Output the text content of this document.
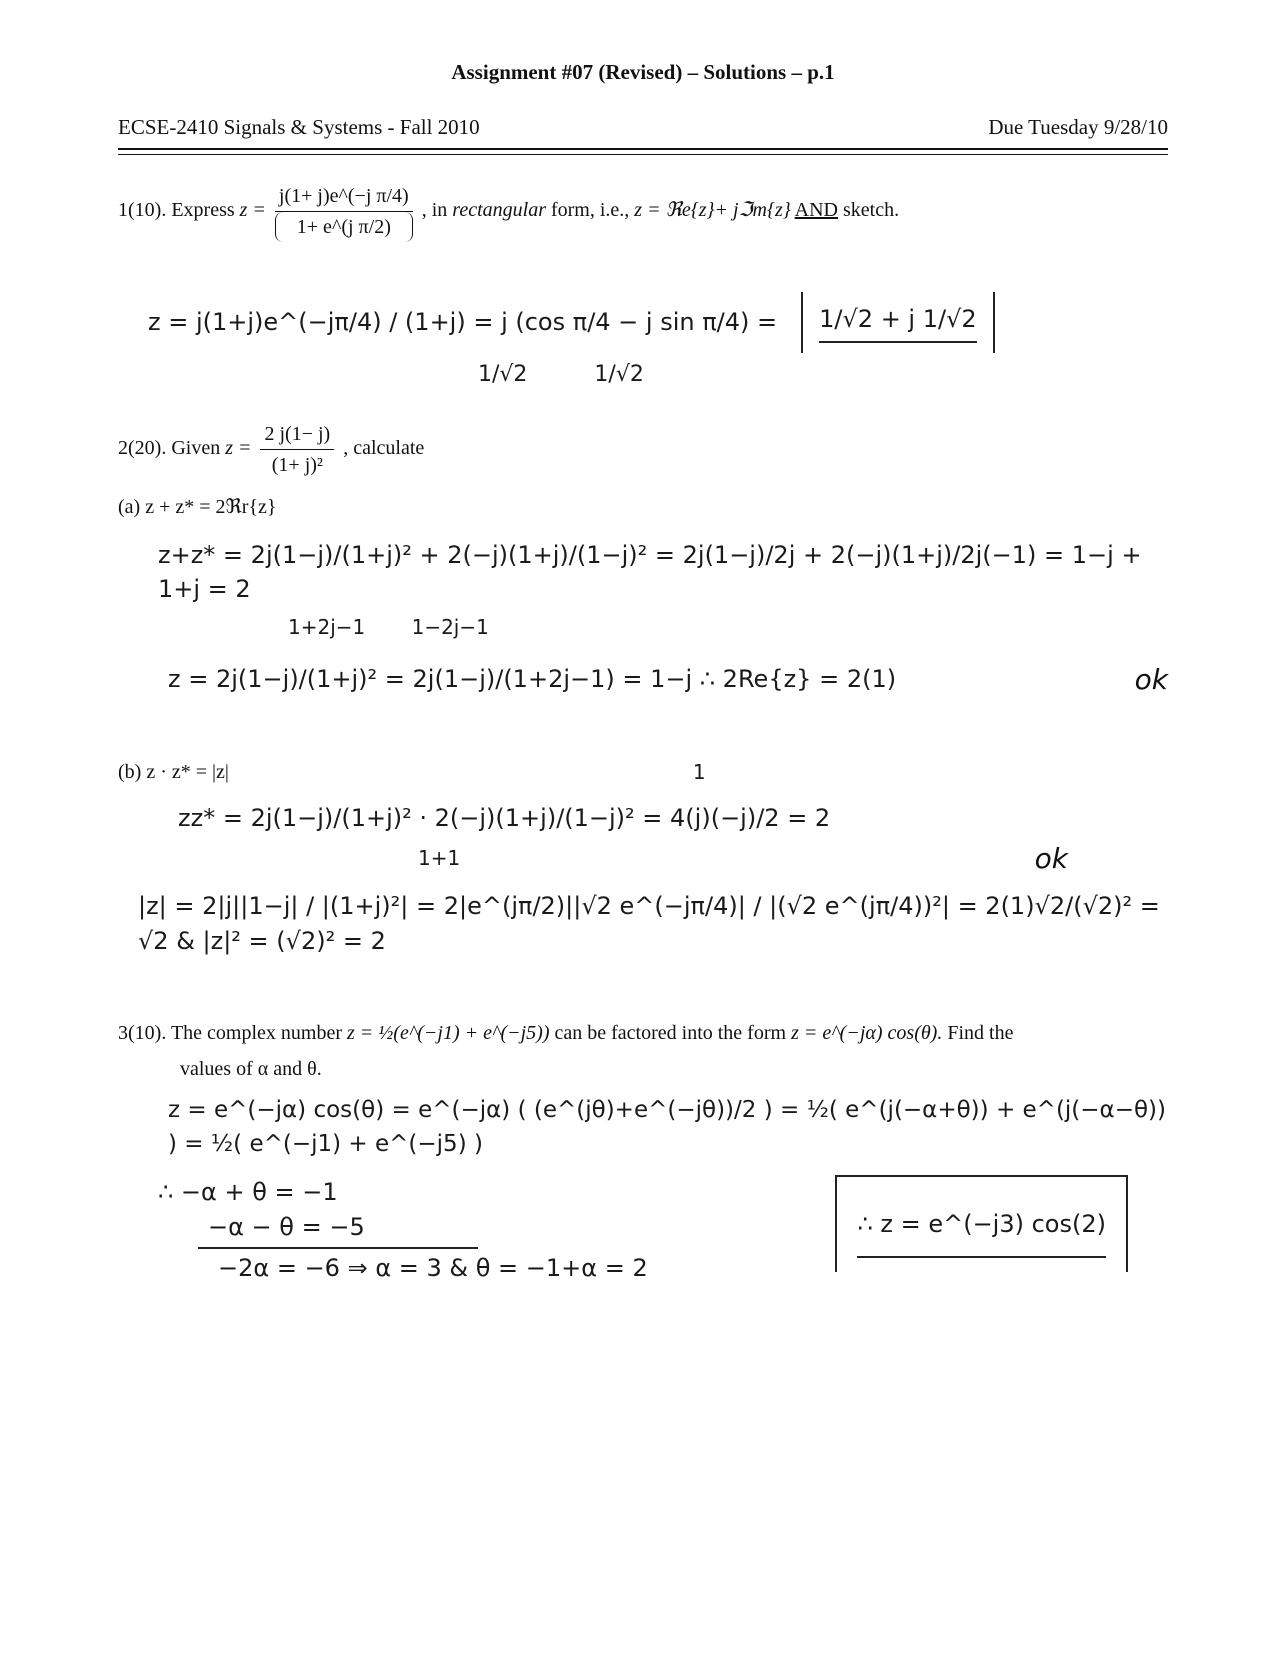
Assignment #07 (Revised) – Solutions – p.1
ECSE-2410 Signals & Systems - Fall 2010	Due Tuesday 9/28/10
1(10). Express $z = \frac{\text{j(1+ j)e\textasciicircum{}(−j π/4)}}{\text{1+ e\textasciicircum{}(j π/2)}}$ , in rectangular form, i.e., z = ℜe{z}+ jℑm{z} AND sketch.
z = j(1+j)e^(−jπ/4) / (1+j) = j (cos π/4 − j sin π/4) = 1/√2 + j 1/√2
1/√2 1/√2
2(20). Given $z = \frac{2 j(1- j)}{\text{(1+ j)²}}$ , calculate
(a) z + z* = 2ℜr{z}
z+z* = 2j(1−j)/(1+j)² + 2(−j)(1+j)/(1−j)² = 2j(1−j)/2j + 2(−j)(1+j)/2j(−1) = 1−j + 1+j = 2
1+2j−1 1−2j−1
z = 2j(1−j)/(1+j)² = 2j(1−j)/(1+2j−1) = 1−j ∴ 2Re{z} = 2(1)	ok
(b) z · z* = |z|	1
zz* = 2j(1−j)/(1+j)² · 2(−j)(1+j)/(1−j)² = 4(j)(−j)/2 = 2
1+1	ok
|z| = 2|j||1−j| / |(1+j)²| = 2|e^(jπ/2)||√2 e^(−jπ/4)| / |(√2 e^(jπ/4))²| = 2(1)√2/(√2)² = √2 & |z|² = (√2)² = 2
3(10). The complex number z = ½(e^(−j1) + e^(−j5)) can be factored into the form z = e^(−jα) cos(θ). Find the
values of α and θ.
z = e^(−jα) cos(θ) = e^(−jα) ( (e^(jθ)+e^(−jθ))/2 ) = ½( e^(j(−α+θ)) + e^(j(−α−θ)) ) = ½( e^(−j1) + e^(−j5) )
∴ −α + θ = −1
−α − θ = −5
−2α = −6 ⇒ α = 3 & θ = −1+α = 2
∴ z = e^(−j3) cos(2)
